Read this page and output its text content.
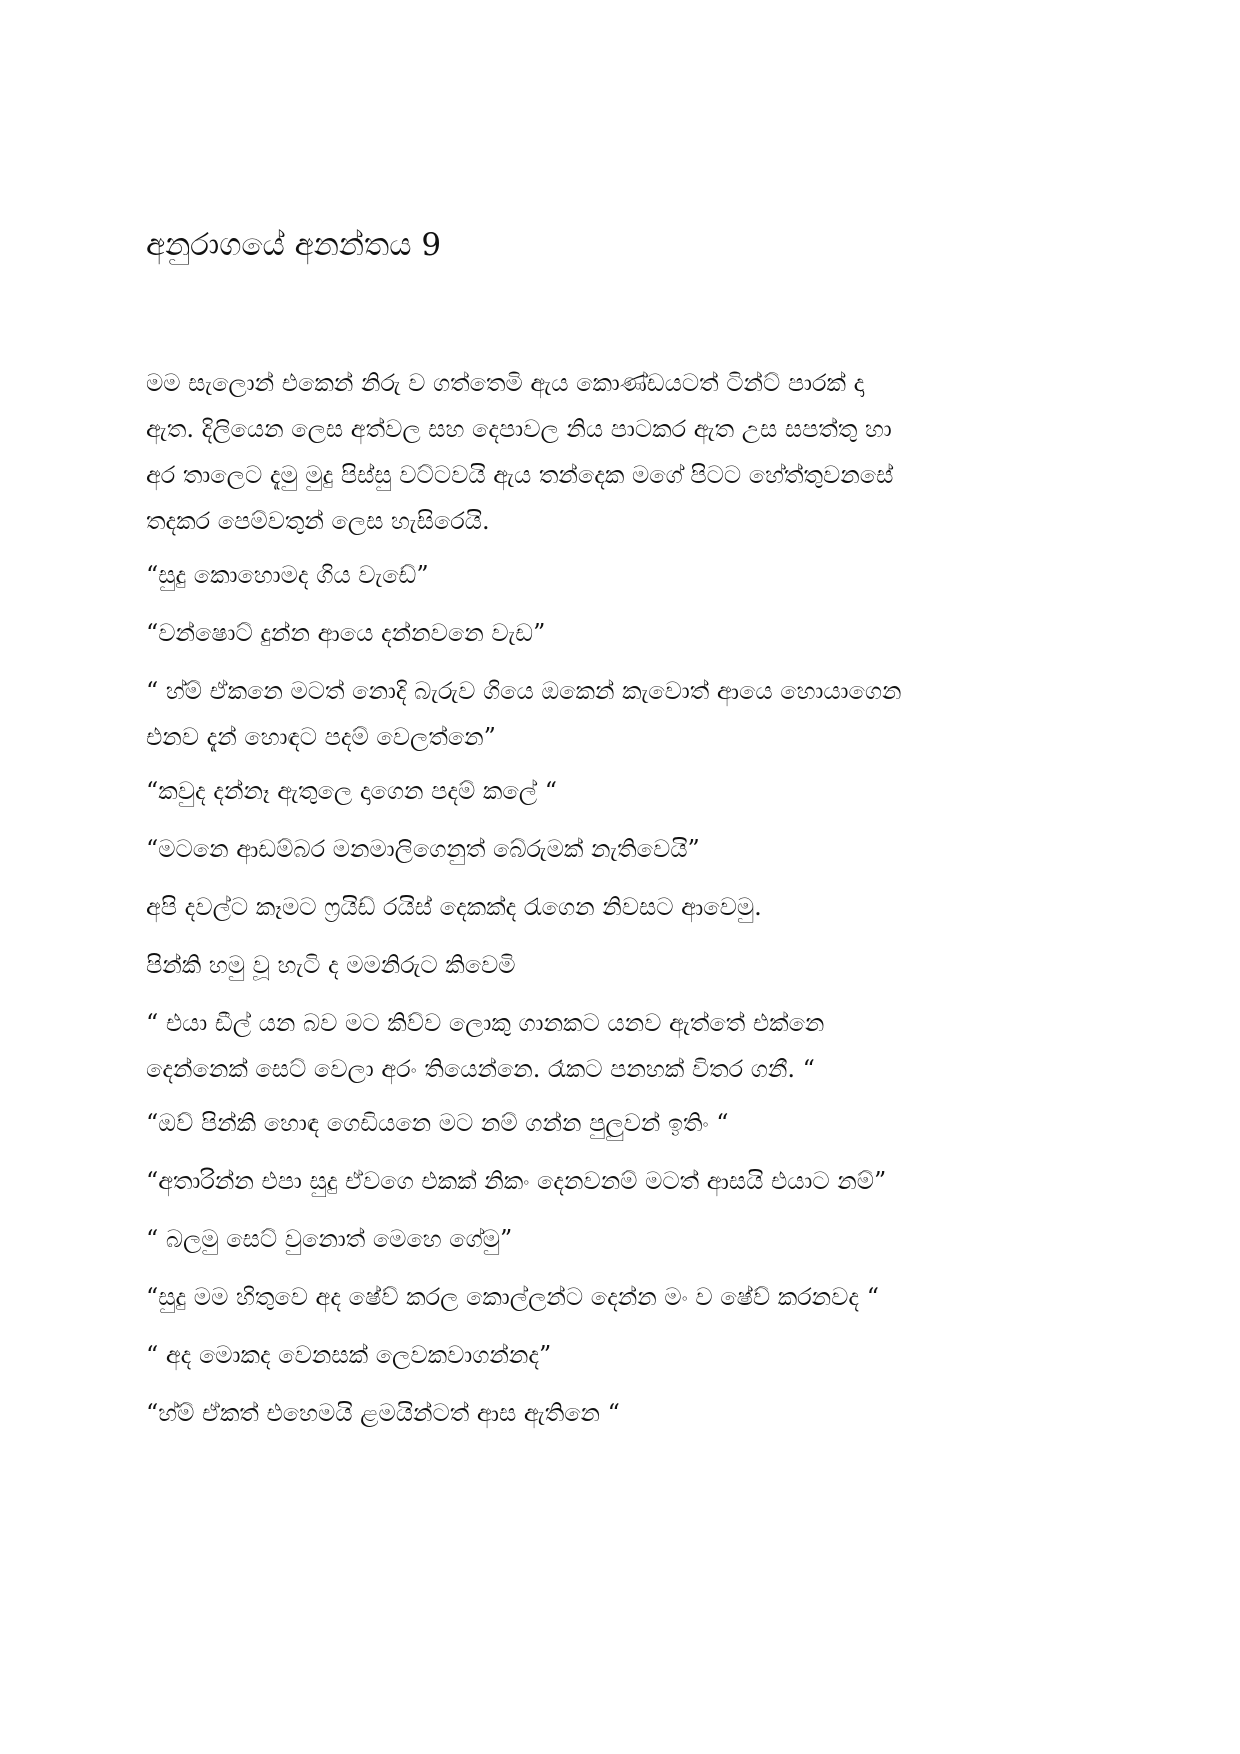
අනුරාගයේ අනන්තය 9

මම සැලොන් එකෙන් නිරු ව ගත්තෙමි ඇය කොණ්ඩයටත් ටින්ට් පාරක් දා
ඇත. දිලියෙන ලෙස අත්වල සහ දෙපාවල නිය පාටකර ඇත උස සපත්තු හා
අර තාලෙට දැමු මුදු පිස්සු වට්ටවයි ඇය තන්දෙක මගේ පිටට හේත්තුවනසේ
තදකර පෙම්වතුන් ලෙස හැසිරෙයි.

“සුදු කොහොමද ගිය වැඩේ”

“වන්ෂොට් දුන්න ආයෙ දන්නවනෙ වැඩ”

“ හ්ම් ඒකනෙ මටත් නොදි බැරුව ගියෙ ඔකෙන් කැවොත් ආයෙ හොයාගෙන
එනව දැන් හොඳට පදම් වෙලත්නෙ”

“කවුද දන්නෑ ඇතුලෙ දාගෙන පදම් කලේ “

“මටනෙ ආඩම්බර මනමාලිගෙනුත් බේරුමක් නැතිවෙයි”

අපි දවල්ට කෑමට ෆ්‍රයිඩ් රයිස් දෙකක්ද රැගෙන නිවසට ආවෙමු.

පින්කි හමු වූ හැටි ද මමනිරුට කිවෙමි

“ එයා ඩීල් යන බව මට කිව්ව ලොකු ගානකට යනව ඇත්තේ එක්නෙ
දෙන්නෙක් සෙට් වෙලා අරං තියෙන්නෙ. රෑකට පනහක් විතර ගනී. “

“ඔව් පින්කි හොඳ ගෙඩියනෙ මට නම් ගන්න පුලුවන් ඉතිං “

“අතාරින්න එපා සුදු ඒවගෙ එකක් නිකං දෙනවනම් මටත් ආසයි එයාට නම්”

“ බලමු සෙට් වුනොත් මෙහෙ ගේමු”

“සුදු මම හිතුවෙ අද ෂේව් කරල කොල්ලන්ට දෙන්න මං ව ෂේව් කරනවද “

“ අද මොකද වෙනසක් ලෙවකවාගන්නද”

“හ්ම් ඒකත් එහෙමයි ළමයින්ටත් ආස ඇතිනෙ “
